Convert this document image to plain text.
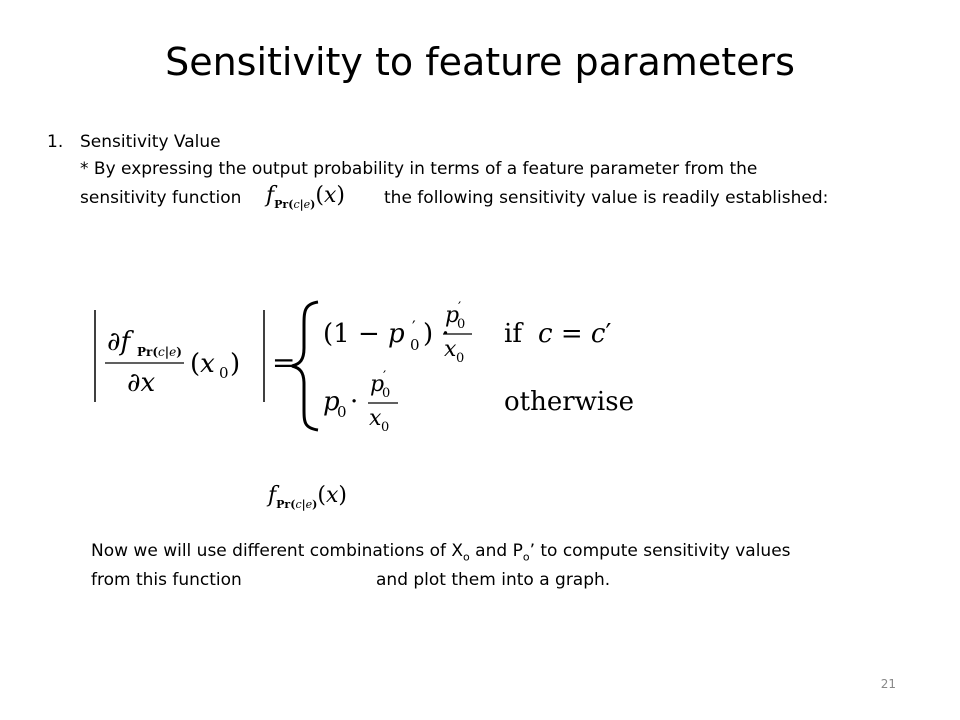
Sensitivity to feature parameters
1. Sensitivity Value
* By expressing the output probability in terms of a feature parameter from the
sensitivity function $f_{Pr(c|e)}(x)$ the following sensitivity value is readily established:
∂f Pr(c|e)
∂x
(x 0 ) =
(1 − p ′
0 ) ·
p
′
0
x 0
if c = c′
p
0 ·
p
′
0
x 0
otherwise
$f_{Pr(c|e)}(x)$
Now we will use different combinations of $X_o$ and $P_o$’ to compute sensitivity values
from this function	and plot them into a graph.
21
